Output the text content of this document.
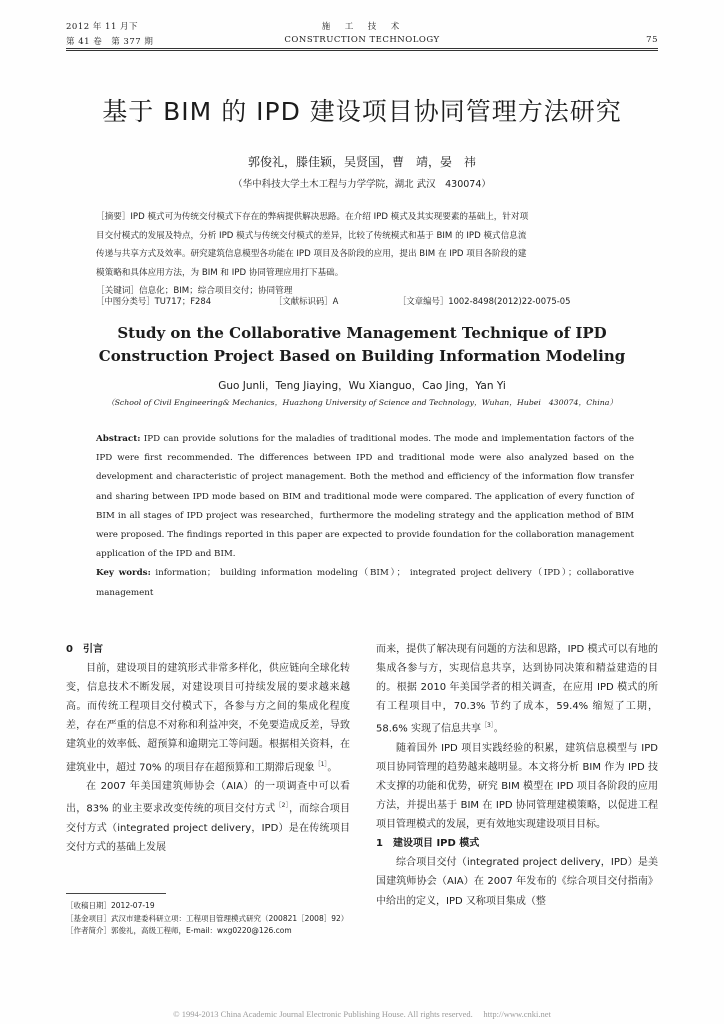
2012 年 11 月下
第 41 卷　第 377 期
施　工　技　术
CONSTRUCTION TECHNOLOGY	75
基于 BIM 的 IPD 建设项目协同管理方法研究
郭俊礼，滕佳颖，吴贤国，曹　靖，晏　祎
（华中科技大学土木工程与力学学院，湖北 武汉　430074）
［摘要］IPD 模式可为传统交付模式下存在的弊病提供解决思路。在介绍 IPD 模式及其实现要素的基础上，针对项
目交付模式的发展及特点，分析 IPD 模式与传统交付模式的差异，比较了传统模式和基于 BIM 的 IPD 模式信息流
传递与共享方式及效率。研究建筑信息模型各功能在 IPD 项目及各阶段的应用，提出 BIM 在 IPD 项目各阶段的建
模策略和具体应用方法，为 BIM 和 IPD 协同管理应用打下基础。
［关键词］信息化；BIM；综合项目交付；协同管理
［中图分类号］TU717；F284	［文献标识码］A	［文章编号］1002-8498(2012)22-0075-05
Study on the Collaborative Management Technique of IPD
Construction Project Based on Building Information Modeling
Guo Junli，Teng Jiaying，Wu Xianguo，Cao Jing，Yan Yi
（School of Civil Engineering& Mechanics，Huazhong University of Science and Technology，Wuhan，Hubei　430074，China）
Abstract: IPD can provide solutions for the maladies of traditional modes. The mode and implementation factors of the IPD were first recommended. The differences between IPD and traditional mode were also analyzed based on the development and characteristic of project management. Both the method and efficiency of the information flow transfer and sharing between IPD mode based on BIM and traditional mode were compared. The application of every function of BIM in all stages of IPD project was researched，furthermore the modeling strategy and the application method of BIM were proposed. The findings reported in this paper are expected to provide foundation for the collaboration management application of the IPD and BIM.
Key words: information； building information modeling（BIM）； integrated project delivery（IPD）；collaborative management
0　引言
目前，建设项目的建筑形式非常多样化，供应链向全球化转变，信息技术不断发展，对建设项目可持续发展的要求越来越高。而传统工程项目交付模式下，各参与方之间的集成化程度差，存在严重的信息不对称和利益冲突，不免要造成反差，导致建筑业的效率低、超预算和逾期完工等问题。根据相关资料，在建筑业中，超过 70% 的项目存在超预算和工期滞后现象$^{[1]}$。
在 2007 年美国建筑师协会（AIA）的一项调查中可以看出，83% 的业主要求改变传统的项目交付方式$^{[2]}$，而综合项目交付方式（integrated project delivery，IPD）是在传统项目交付方式的基础上发展
［收稿日期］2012-07-19
［基金项目］武汉市建委科研立项：工程项目管理模式研究（200821［2008］92）
［作者简介］郭俊礼，高级工程师，E-mail：wxg0220@126.com
而来，提供了解决现有问题的方法和思路，IPD 模式可以有地的集成各参与方，实现信息共享，达到协同决策和精益建造的目的。根据 2010 年美国学者的相关调查，在应用 IPD 模式的所有工程项目中，70.3% 节约了成本，59.4% 缩短了工期，58.6% 实现了信息共享$^{[3]}$。
随着国外 IPD 项目实践经验的积累，建筑信息模型与 IPD 项目协同管理的趋势越来越明显。本文将分析 BIM 作为 IPD 技术支撑的功能和优势，研究 BIM 模型在 IPD 项目各阶段的应用方法，并提出基于 BIM 在 IPD 协同管理建模策略，以促进工程项目管理模式的发展，更有效地实现建设项目目标。
1　建设项目 IPD 模式
综合项目交付（integrated project delivery，IPD）是美国建筑师协会（AIA）在 2007 年发布的《综合项目交付指南》中给出的定义，IPD 又称项目集成（整
© 1994-2013 China Academic Journal Electronic Publishing House. All rights reserved.　 http://www.cnki.net
